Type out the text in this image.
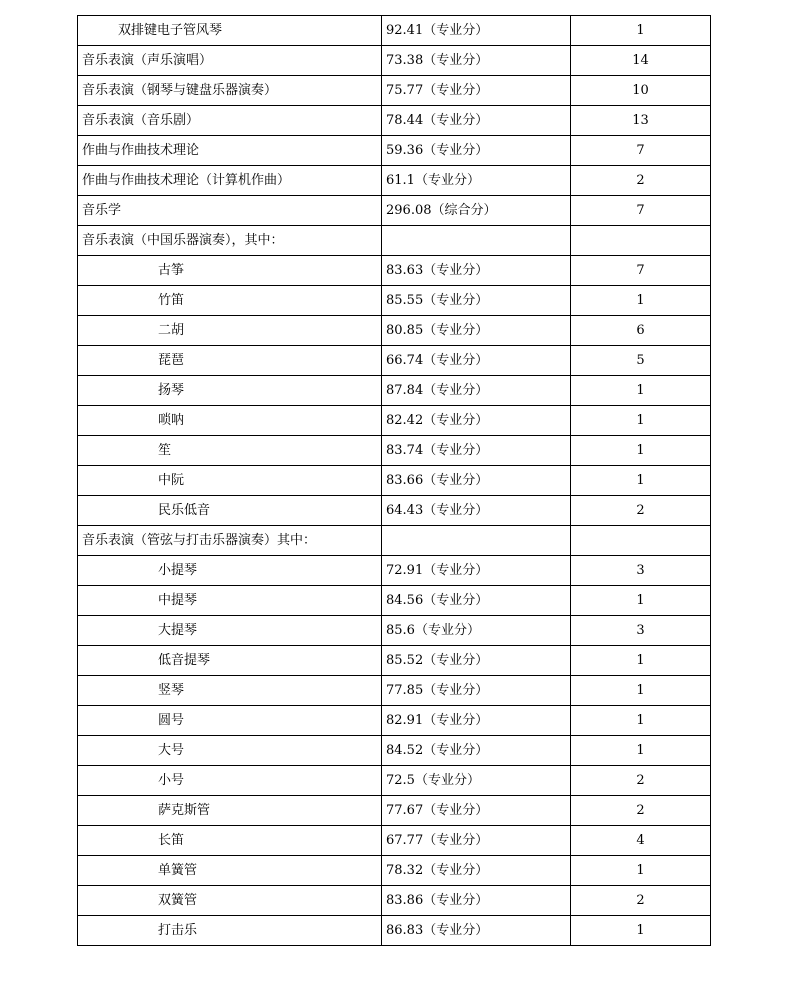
双排键电子管风琴	92.41（专业分）	1
音乐表演（声乐演唱）	73.38（专业分）	14
音乐表演（钢琴与键盘乐器演奏）	75.77（专业分）	10
音乐表演（音乐剧）	78.44（专业分）	13
作曲与作曲技术理论	59.36（专业分）	7
作曲与作曲技术理论（计算机作曲）	61.1（专业分）	2
音乐学	296.08（综合分）	7
音乐表演（中国乐器演奏），其中：		
古筝	83.63（专业分）	7
竹笛	85.55（专业分）	1
二胡	80.85（专业分）	6
琵琶	66.74（专业分）	5
扬琴	87.84（专业分）	1
唢呐	82.42（专业分）	1
笙	83.74（专业分）	1
中阮	83.66（专业分）	1
民乐低音	64.43（专业分）	2
音乐表演（管弦与打击乐器演奏）其中：		
小提琴	72.91（专业分）	3
中提琴	84.56（专业分）	1
大提琴	85.6（专业分）	3
低音提琴	85.52（专业分）	1
竖琴	77.85（专业分）	1
圆号	82.91（专业分）	1
大号	84.52（专业分）	1
小号	72.5（专业分）	2
萨克斯管	77.67（专业分）	2
长笛	67.77（专业分）	4
单簧管	78.32（专业分）	1
双簧管	83.86（专业分）	2
打击乐	86.83（专业分）	1
